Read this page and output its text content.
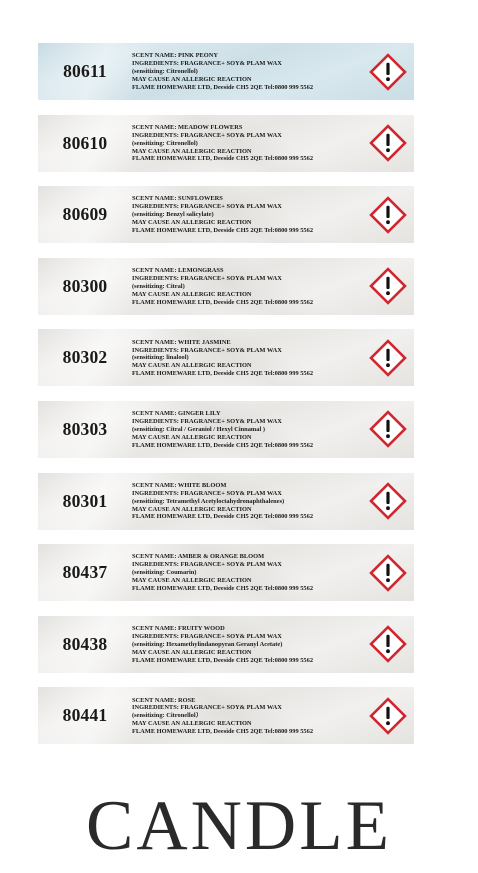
80611
SCENT NAME: PINK PEONY
INGREDIENTS: FRAGRANCE+ SOY& PLAM WAX
(sensitizing: Citronellol)
MAY CAUSE AN ALLERGIC REACTION
FLAME HOMEWARE LTD, Deeside CH5 2QE Tel:0800 999 5562
80610
SCENT NAME: MEADOW FLOWERS
INGREDIENTS: FRAGRANCE+ SOY& PLAM WAX
(sensitizing: Citronellol)
MAY CAUSE AN ALLERGIC REACTION
FLAME HOMEWARE LTD, Deeside CH5 2QE Tel:0800 999 5562
80609
SCENT NAME: SUNFLOWERS
INGREDIENTS: FRAGRANCE+ SOY& PLAM WAX
(sensitizing: Benzyl salicylate)
MAY CAUSE AN ALLERGIC REACTION
FLAME HOMEWARE LTD, Deeside CH5 2QE Tel:0800 999 5562
80300
SCENT NAME: LEMONGRASS
INGREDIENTS: FRAGRANCE+ SOY& PLAM WAX
(sensitizing: Citral)
MAY CAUSE AN ALLERGIC REACTION
FLAME HOMEWARE LTD, Deeside CH5 2QE Tel:0800 999 5562
80302
SCENT NAME: WHITE JASMINE
INGREDIENTS: FRAGRANCE+ SOY& PLAM WAX
(sensitizing: linalool)
MAY CAUSE AN ALLERGIC REACTION
FLAME HOMEWARE LTD, Deeside CH5 2QE Tel:0800 999 5562
80303
SCENT NAME: GINGER LILY
INGREDIENTS: FRAGRANCE+ SOY& PLAM WAX
(sensitizing: Citral / Geraniol / Hexyl Cinnamal )
MAY CAUSE AN ALLERGIC REACTION
FLAME HOMEWARE LTD, Deeside CH5 2QE Tel:0800 999 5562
80301
SCENT NAME: WHITE BLOOM
INGREDIENTS: FRAGRANCE+ SOY& PLAM WAX
(sensitizing: Tetramethyl Acetyloctahydronaphthalenes)
MAY CAUSE AN ALLERGIC REACTION
FLAME HOMEWARE LTD, Deeside CH5 2QE Tel:0800 999 5562
80437
SCENT NAME: AMBER & ORANGE BLOOM
INGREDIENTS: FRAGRANCE+ SOY& PLAM WAX
(sensitizing: Coumarin)
MAY CAUSE AN ALLERGIC REACTION
FLAME HOMEWARE LTD, Deeside CH5 2QE Tel:0800 999 5562
80438
SCENT NAME: FRUITY WOOD
INGREDIENTS: FRAGRANCE+ SOY& PLAM WAX
(sensitizing: Hexamethylindanopyran Geranyl Acetate)
MAY CAUSE AN ALLERGIC REACTION
FLAME HOMEWARE LTD, Deeside CH5 2QE Tel:0800 999 5562
80441
SCENT NAME: ROSE
INGREDIENTS: FRAGRANCE+ SOY& PLAM WAX
(sensitizing: Citronellol）
MAY CAUSE AN ALLERGIC REACTION
FLAME HOMEWARE LTD, Deeside CH5 2QE Tel:0800 999 5562
CANDLE
